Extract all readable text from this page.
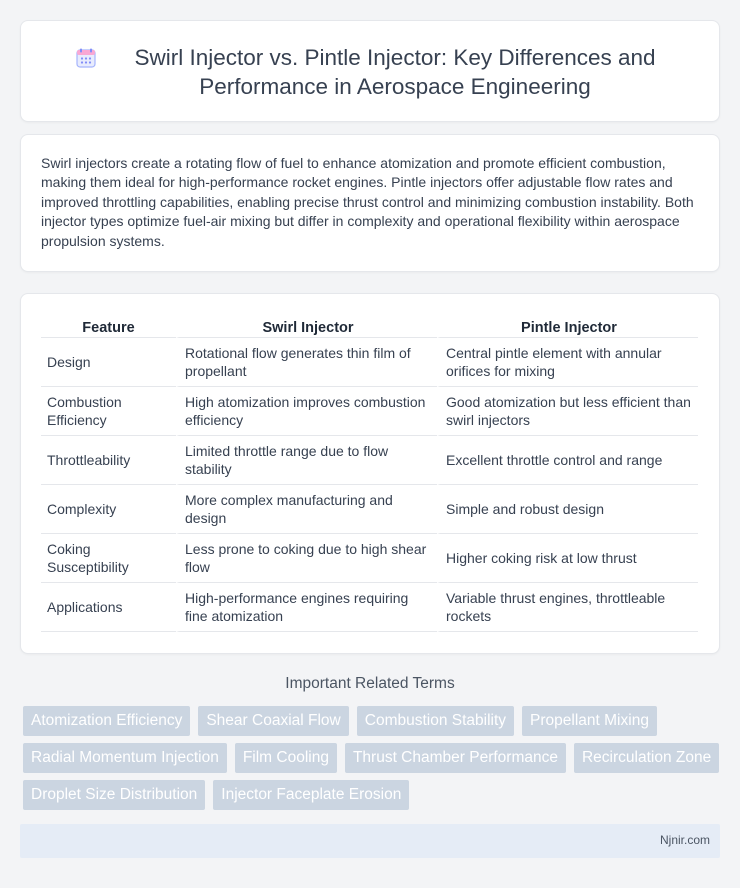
Swirl Injector vs. Pintle Injector: Key Differences and Performance in Aerospace Engineering

Swirl injectors create a rotating flow of fuel to enhance atomization and promote efficient combustion, making them ideal for high-performance rocket engines. Pintle injectors offer adjustable flow rates and improved throttling capabilities, enabling precise thrust control and minimizing combustion instability. Both injector types optimize fuel-air mixing but differ in complexity and operational flexibility within aerospace propulsion systems.

Feature	Swirl Injector	Pintle Injector
Design	Rotational flow generates thin film of propellant	Central pintle element with annular orifices for mixing
Combustion Efficiency	High atomization improves combustion efficiency	Good atomization but less efficient than swirl injectors
Throttleability	Limited throttle range due to flow stability	Excellent throttle control and range
Complexity	More complex manufacturing and design	Simple and robust design
Coking Susceptibility	Less prone to coking due to high shear flow	Higher coking risk at low thrust
Applications	High-performance engines requiring fine atomization	Variable thrust engines, throttleable rockets
Important Related Terms
Atomization Efficiency	Shear Coaxial Flow	Combustion Stability	Propellant Mixing
Radial Momentum Injection	Film Cooling	Thrust Chamber Performance	Recirculation Zone
Droplet Size Distribution	Injector Faceplate Erosion
Njnir.com
